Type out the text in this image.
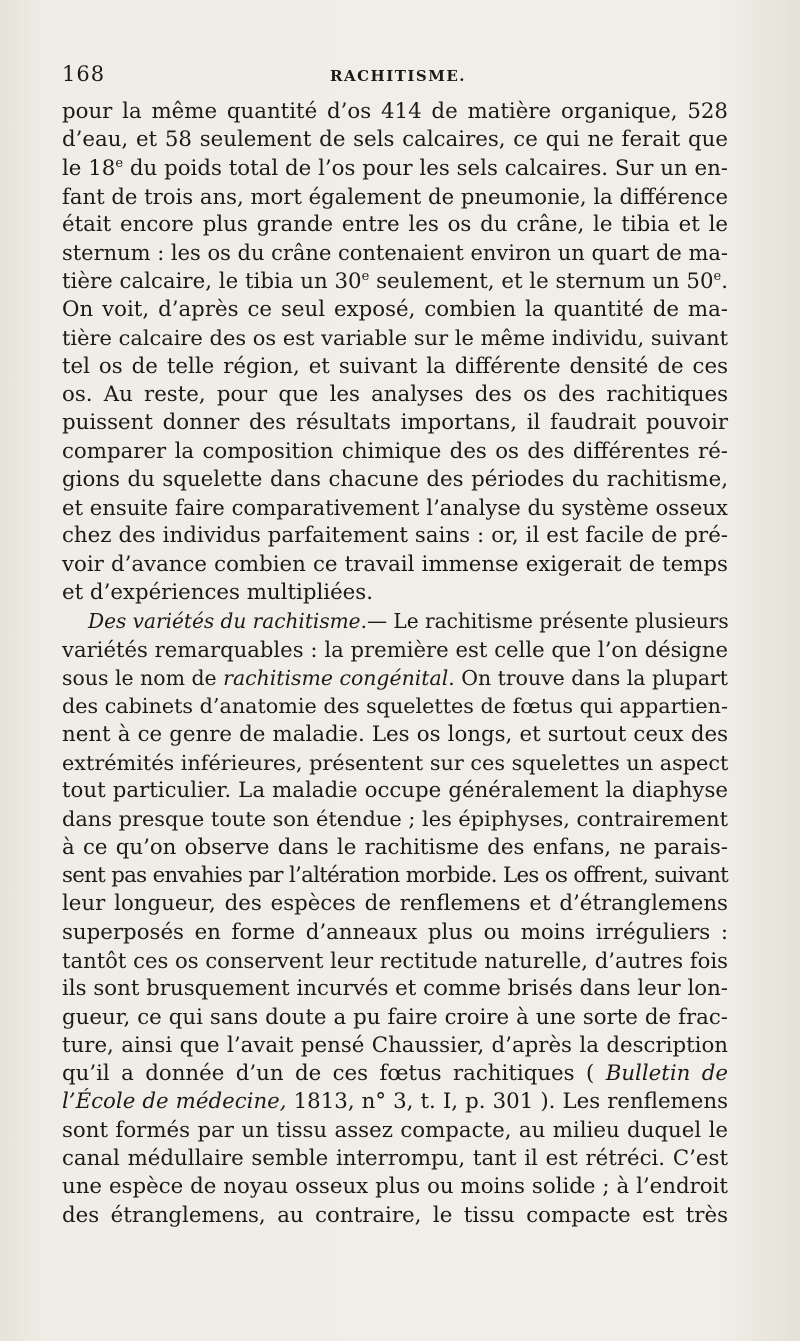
168	RACHITISME.
pour la même quantité d’os 414 de matière organique, 528
d’eau, et 58 seulement de sels calcaires, ce qui ne ferait que
le 18e du poids total de l’os pour les sels calcaires. Sur un en-
fant de trois ans, mort également de pneumonie, la différence
était encore plus grande entre les os du crâne, le tibia et le
sternum : les os du crâne contenaient environ un quart de ma-
tière calcaire, le tibia un 30e seulement, et le sternum un 50e.
On voit, d’après ce seul exposé, combien la quantité de ma-
tière calcaire des os est variable sur le même individu, suivant
tel os de telle région, et suivant la différente densité de ces
os. Au reste, pour que les analyses des os des rachitiques
puissent donner des résultats importans, il faudrait pouvoir
comparer la composition chimique des os des différentes ré-
gions du squelette dans chacune des périodes du rachitisme,
et ensuite faire comparativement l’analyse du système osseux
chez des individus parfaitement sains : or, il est facile de pré-
voir d’avance combien ce travail immense exigerait de temps
et d’expériences multipliées.
Des variétés du rachitisme.— Le rachitisme présente plusieurs
variétés remarquables : la première est celle que l’on désigne
sous le nom de rachitisme congénital. On trouve dans la plupart
des cabinets d’anatomie des squelettes de fœtus qui appartien-
nent à ce genre de maladie. Les os longs, et surtout ceux des
extrémités inférieures, présentent sur ces squelettes un aspect
tout particulier. La maladie occupe généralement la diaphyse
dans presque toute son étendue ; les épiphyses, contrairement
à ce qu’on observe dans le rachitisme des enfans, ne parais-
sent pas envahies par l’altération morbide. Les os offrent, suivant
leur longueur, des espèces de renflemens et d’étranglemens
superposés en forme d’anneaux plus ou moins irréguliers :
tantôt ces os conservent leur rectitude naturelle, d’autres fois
ils sont brusquement incurvés et comme brisés dans leur lon-
gueur, ce qui sans doute a pu faire croire à une sorte de frac-
ture, ainsi que l’avait pensé Chaussier, d’après la description
qu’il a donnée d’un de ces fœtus rachitiques ( Bulletin de
l’École de médecine, 1813, n° 3, t. I, p. 301 ). Les renflemens
sont formés par un tissu assez compacte, au milieu duquel le
canal médullaire semble interrompu, tant il est rétréci. C’est
une espèce de noyau osseux plus ou moins solide ; à l’endroit
des étranglemens, au contraire, le tissu compacte est très
